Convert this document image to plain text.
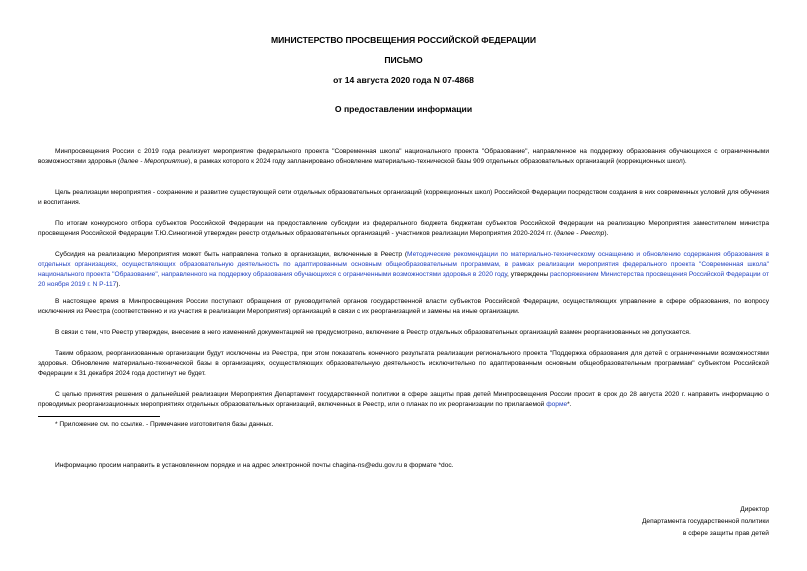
МИНИСТЕРСТВО ПРОСВЕЩЕНИЯ РОССИЙСКОЙ ФЕДЕРАЦИИ
ПИСЬМО
от 14 августа 2020 года N 07-4868
О предоставлении информации
Минпросвещения России с 2019 года реализует мероприятие федерального проекта "Современная школа" национального проекта "Образование", направленное на поддержку образования обучающихся с ограниченными возможностями здоровья (далее - Мероприятие), в рамках которого к 2024 году запланировано обновление материально-технической базы 909 отдельных образовательных организаций (коррекционных школ).
Цель реализации мероприятия - сохранение и развитие существующей сети отдельных образовательных организаций (коррекционных школ) Российской Федерации посредством создания в них современных условий для обучения и воспитания.
По итогам конкурсного отбора субъектов Российской Федерации на предоставление субсидии из федерального бюджета бюджетам субъектов Российской Федерации на реализацию Мероприятия заместителем министра просвещения Российской Федерации Т.Ю.Синюгиной утвержден реестр отдельных образовательных организаций - участников реализации Мероприятия 2020-2024 гг. (далее - Реестр).
Субсидия на реализацию Мероприятия может быть направлена только в организации, включенные в Реестр (Методические рекомендации по материально-техническому оснащению и обновлению содержания образования в отдельных организациях, осуществляющих образовательную деятельность по адаптированным основным общеобразовательным программам, в рамках реализации мероприятия федерального проекта "Современная школа" национального проекта "Образование", направленного на поддержку образования обучающихся с ограниченными возможностями здоровья в 2020 году, утверждены распоряжением Министерства просвещения Российской Федерации от 20 ноября 2019 г. N Р-117).
В настоящее время в Минпросвещения России поступают обращения от руководителей органов государственной власти субъектов Российской Федерации, осуществляющих управление в сфере образования, по вопросу исключения из Реестра (соответственно и из участия в реализации Мероприятия) организаций в связи с их реорганизацией и замены на иные организации.
В связи с тем, что Реестр утвержден, внесение в него изменений документацией не предусмотрено, включение в Реестр отдельных образовательных организаций взамен реорганизованных не допускается.
Таким образом, реорганизованные организации будут исключены из Реестра, при этом показатель конечного результата реализации регионального проекта "Поддержка образования для детей с ограниченными возможностями здоровья. Обновление материально-технической базы в организациях, осуществляющих образовательную деятельность исключительно по адаптированным основным общеобразовательным программам" субъектом Российской Федерации к 31 декабря 2024 года достигнут не будет.
С целью принятия решения о дальнейшей реализации Мероприятия Департамент государственной политики в сфере защиты прав детей Минпросвещения России просит в срок до 28 августа 2020 г. направить информацию о проводимых реорганизационных мероприятиях отдельных образовательных организаций, включенных в Реестр, или о планах по их реорганизации по прилагаемой форме*.
* Приложение см. по ссылке. - Примечание изготовителя базы данных.
Информацию просим направить в установленном порядке и на адрес электронной почты chagina-ns@edu.gov.ru в формате *doc.
Директор
Департамента государственной политики
в сфере защиты прав детей
